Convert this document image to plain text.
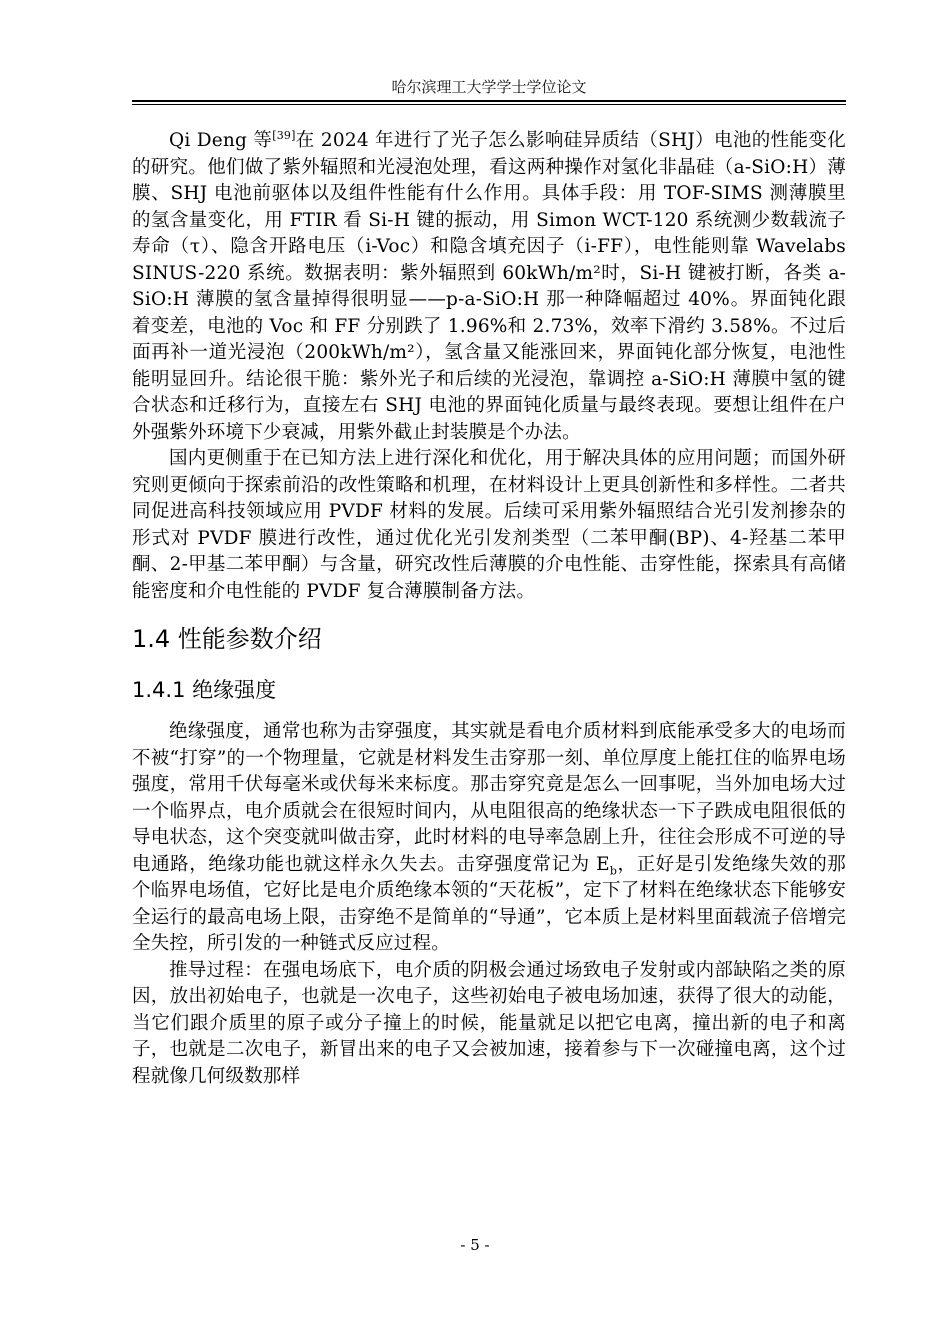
哈尔滨理工大学学士学位论文

Qi Deng 等[39]在 2024 年进行了光子怎么影响硅异质结（SHJ）电池的性能变化的研究。他们做了紫外辐照和光浸泡处理，看这两种操作对氢化非晶硅（a-SiO:H）薄膜、SHJ 电池前驱体以及组件性能有什么作用。具体手段：用 TOF-SIMS 测薄膜里的氢含量变化，用 FTIR 看 Si-H 键的振动，用 Simon WCT-120 系统测少数载流子寿命（τ）、隐含开路电压（i-Voc）和隐含填充因子（i-FF），电性能则靠 Wavelabs SINUS-220 系统。数据表明：紫外辐照到 60kWh/m²时，Si-H 键被打断，各类 a-SiO:H 薄膜的氢含量掉得很明显——p-a-SiO:H 那一种降幅超过 40%。界面钝化跟着变差，电池的 Voc 和 FF 分别跌了 1.96%和 2.73%，效率下滑约 3.58%。不过后面再补一道光浸泡（200kWh/m²），氢含量又能涨回来，界面钝化部分恢复，电池性能明显回升。结论很干脆：紫外光子和后续的光浸泡，靠调控 a-SiO:H 薄膜中氢的键合状态和迁移行为，直接左右 SHJ 电池的界面钝化质量与最终表现。要想让组件在户外强紫外环境下少衰减，用紫外截止封装膜是个办法。

国内更侧重于在已知方法上进行深化和优化，用于解决具体的应用问题；而国外研究则更倾向于探索前沿的改性策略和机理，在材料设计上更具创新性和多样性。二者共同促进高科技领域应用 PVDF 材料的发展。后续可采用紫外辐照结合光引发剂掺杂的形式对 PVDF 膜进行改性，通过优化光引发剂类型（二苯甲酮(BP)、4-羟基二苯甲酮、2-甲基二苯甲酮）与含量，研究改性后薄膜的介电性能、击穿性能，探索具有高储能密度和介电性能的 PVDF 复合薄膜制备方法。

1.4 性能参数介绍
1.4.1 绝缘强度

绝缘强度，通常也称为击穿强度，其实就是看电介质材料到底能承受多大的电场而不被“打穿”的一个物理量，它就是材料发生击穿那一刻、单位厚度上能扛住的临界电场强度，常用千伏每毫米或伏每米来标度。那击穿究竟是怎么一回事呢，当外加电场大过一个临界点，电介质就会在很短时间内，从电阻很高的绝缘状态一下子跌成电阻很低的导电状态，这个突变就叫做击穿，此时材料的电导率急剧上升，往往会形成不可逆的导电通路，绝缘功能也就这样永久失去。击穿强度常记为 $E_b$，正好是引发绝缘失效的那个临界电场值，它好比是电介质绝缘本领的“天花板”，定下了材料在绝缘状态下能够安全运行的最高电场上限，击穿绝不是简单的“导通”，它本质上是材料里面载流子倍增完全失控，所引发的一种链式反应过程。

推导过程：在强电场底下，电介质的阴极会通过场致电子发射或内部缺陷之类的原因，放出初始电子，也就是一次电子，这些初始电子被电场加速，获得了很大的动能，当它们跟介质里的原子或分子撞上的时候，能量就足以把它电离，撞出新的电子和离子，也就是二次电子，新冒出来的电子又会被加速，接着参与下一次碰撞电离，这个过程就像几何级数那样

- 5 -
